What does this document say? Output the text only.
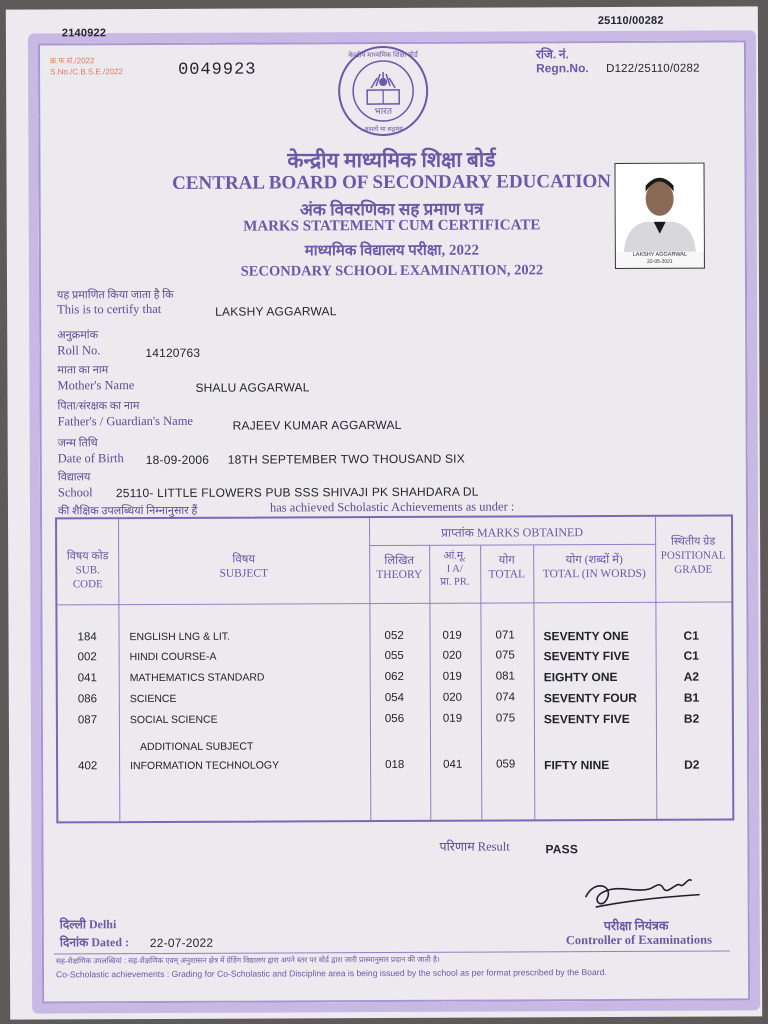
2140922
25110/00282
क्र.फ.सं./2022
S.No./C.B.S.E./2022	0049923
रजि. नं.
Regn.No. D122/25110/0282
भारत
केन्द्रीय माध्यमिक शिक्षा बोर्ड
असतो मा सद्गमय
केन्द्रीय माध्यमिक शिक्षा बोर्ड
CENTRAL BOARD OF SECONDARY EDUCATION
अंक विवरणिका सह प्रमाण पत्र
MARKS STATEMENT CUM CERTIFICATE
माध्यमिक विद्यालय परीक्षा, 2022
SECONDARY SCHOOL EXAMINATION, 2022
LAKSHY AGGARWAL
22-05-2021
यह प्रमाणित किया जाता है कि
This is to certify that	LAKSHY AGGARWAL
अनुक्रमांक
Roll No.	14120763
माता का नाम
Mother's Name	SHALU AGGARWAL
पिता/संरक्षक का नाम
Father's / Guardian's Name	RAJEEV KUMAR AGGARWAL
जन्म तिथि
Date of Birth 18-09-2006 18TH SEPTEMBER TWO THOUSAND SIX
विद्यालय
School 25110- LITTLE FLOWERS PUB SSS SHIVAJI PK SHAHDARA DL
की शैक्षिक उपलब्धियां निम्नानुसार हैं	has achieved Scholastic Achievements as under :
विषय कोड
SUB.
CODE
विषय
SUBJECT
प्राप्तांक MARKS OBTAINED
लिखित
THEORY
आं.मू.
I A/
प्रा. PR.
योग
TOTAL
योग (शब्दों में)
TOTAL (IN WORDS)
स्थितीय ग्रेड
POSITIONAL
GRADE
184	ENGLISH LNG & LIT.	052	019	071 SEVENTY ONE	C1
002	HINDI COURSE-A	055	020	075 SEVENTY FIVE	C1
041	MATHEMATICS STANDARD	062	019	081 EIGHTY ONE	A2
086	SCIENCE	054	020	074 SEVENTY FOUR	B1
087	SOCIAL SCIENCE	056	019	075 SEVENTY FIVE	B2
ADDITIONAL SUBJECT
402	INFORMATION TECHNOLOGY	018	041	059 FIFTY NINE	D2
परिणाम Result	PASS
परीक्षा नियंत्रक
Controller of Examinations
दिल्ली Delhi
दिनांक Dated : 22-07-2022
सह-शैक्षणिक उपलब्धियां : सह-शैक्षणिक एवम् अनुशासन क्षेत्र में ग्रेडिंग विद्यालय द्वारा अपने स्तर पर बोर्ड द्वारा जारी प्रास्मानुसार प्रदान की जाती है।
Co-Scholastic achievements : Grading for Co-Scholastic and Discipline area is being issued by the school as per format prescribed by the Board.
